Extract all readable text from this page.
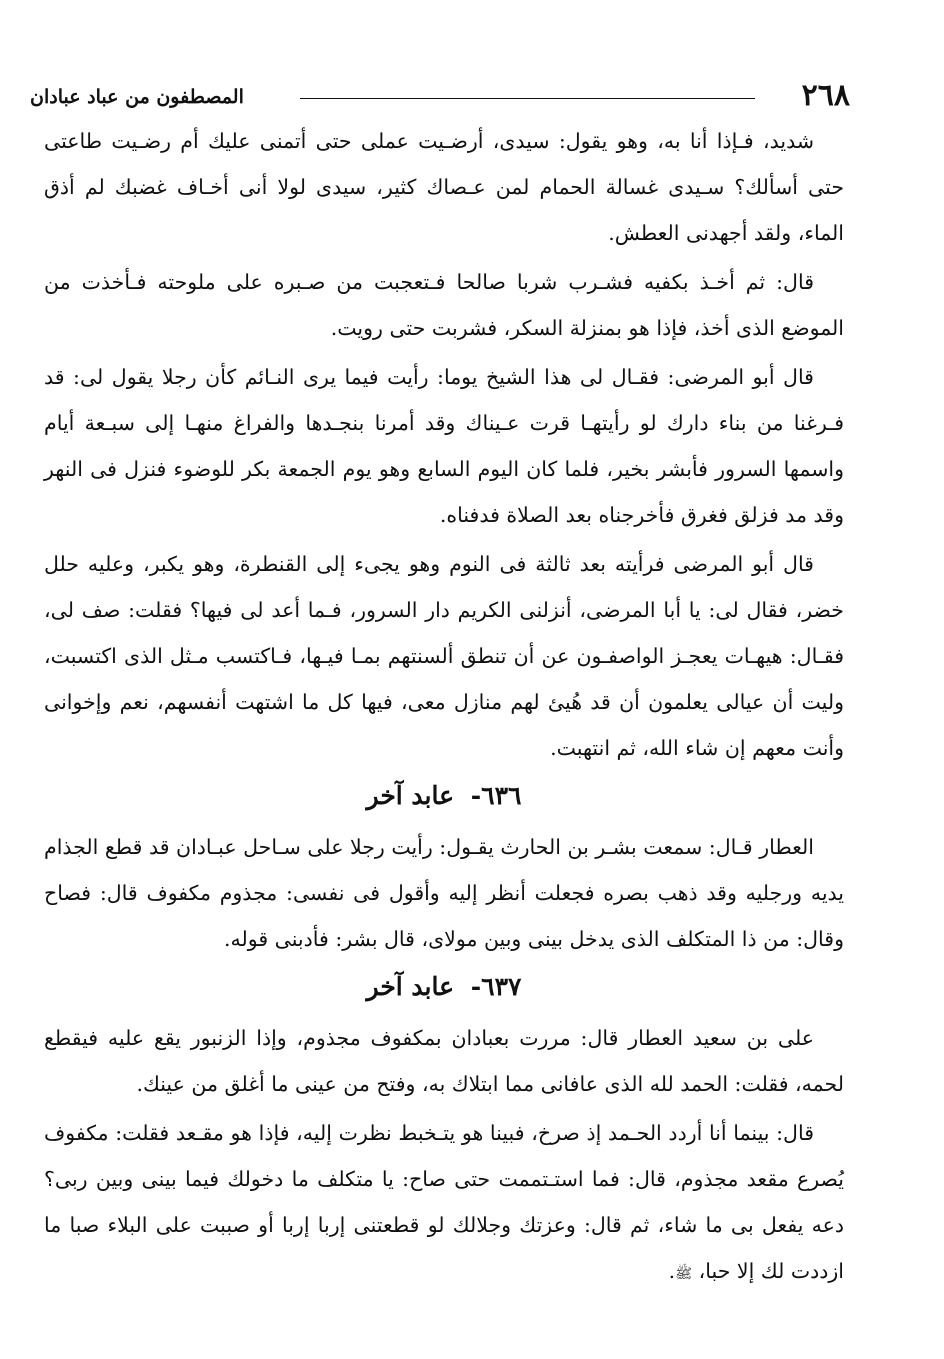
٢٦٨
المصطفون من عباد عبادان

شديد، فـإذا أنا به، وهو يقول: سيدى، أرضـيت عملى حتى أتمنى عليك أم رضـيت طاعتى حتى أسألك؟ سـيدى غسالة الحمام لمن عـصاك كثير، سيدى لولا أنى أخـاف غضبك لم أذق الماء، ولقد أجهدنى العطش.

قال: ثم أخـذ بكفيه فشـرب شربا صالحا فـتعجبت من صـبره على ملوحته فـأخذت من الموضع الذى أخذ، فإذا هو بمنزلة السكر، فشربت حتى رويت.

قال أبو المرضى: فقـال لى هذا الشيخ يوما: رأيت فيما يرى النـائم كأن رجلا يقول لى: قد فـرغنا من بناء دارك لو رأيتهـا قرت عـيناك وقد أمرنا بنجـدها والفراغ منهـا إلى سبـعة أيام واسمها السرور فأبشر بخير، فلما كان اليوم السابع وهو يوم الجمعة بكر للوضوء فنزل فى النهر وقد مد فزلق فغرق فأخرجناه بعد الصلاة فدفناه.

قال أبو المرضى فرأيته بعد ثالثة فى النوم وهو يجىء إلى القنطرة، وهو يكبر، وعليه حلل خضر، فقال لى: يا أبا المرضى، أنزلنى الكريم دار السرور، فـما أعد لى فيها؟ فقلت: صف لى، فقـال: هيهـات يعجـز الواصفـون عن أن تنطق ألسنتهم بمـا فيـها، فـاكتسب مـثل الذى اكتسبت، وليت أن عيالى يعلمون أن قد هُيئ لهم منازل معى، فيها كل ما اشتهت أنفسهم، نعم وإخوانى وأنت معهم إن شاء الله، ثم انتهبت.

٦٣٦- عابد آخر

العطار قـال: سمعت بشـر بن الحارث يقـول: رأيت رجلا على سـاحل عبـادان قد قطع الجذام يديه ورجليه وقد ذهب بصره فجعلت أنظر إليه وأقول فى نفسى: مجذوم مكفوف قال: فصاح وقال: من ذا المتكلف الذى يدخل بينى وبين مولاى، قال بشر: فأدبنى قوله.

٦٣٧- عابد آخر

على بن سعيد العطار قال: مررت بعبادان بمكفوف مجذوم، وإذا الزنبور يقع عليه فيقطع لحمه، فقلت: الحمد لله الذى عافانى مما ابتلاك به، وفتح من عينى ما أغلق من عينك.

قال: بينما أنا أردد الحـمد إذ صرخ، فبينا هو يتـخبط نظرت إليه، فإذا هو مقـعد فقلت: مكفوف يُصرع مقعد مجذوم، قال: فما استـتممت حتى صاح: يا متكلف ما دخولك فيما بينى وبين ربى؟ دعه يفعل بى ما شاء، ثم قال: وعزتك وجلالك لو قطعتنى إربا إربا أو صببت على البلاء صبا ما ازددت لك إلا حبا، ﷺ.
